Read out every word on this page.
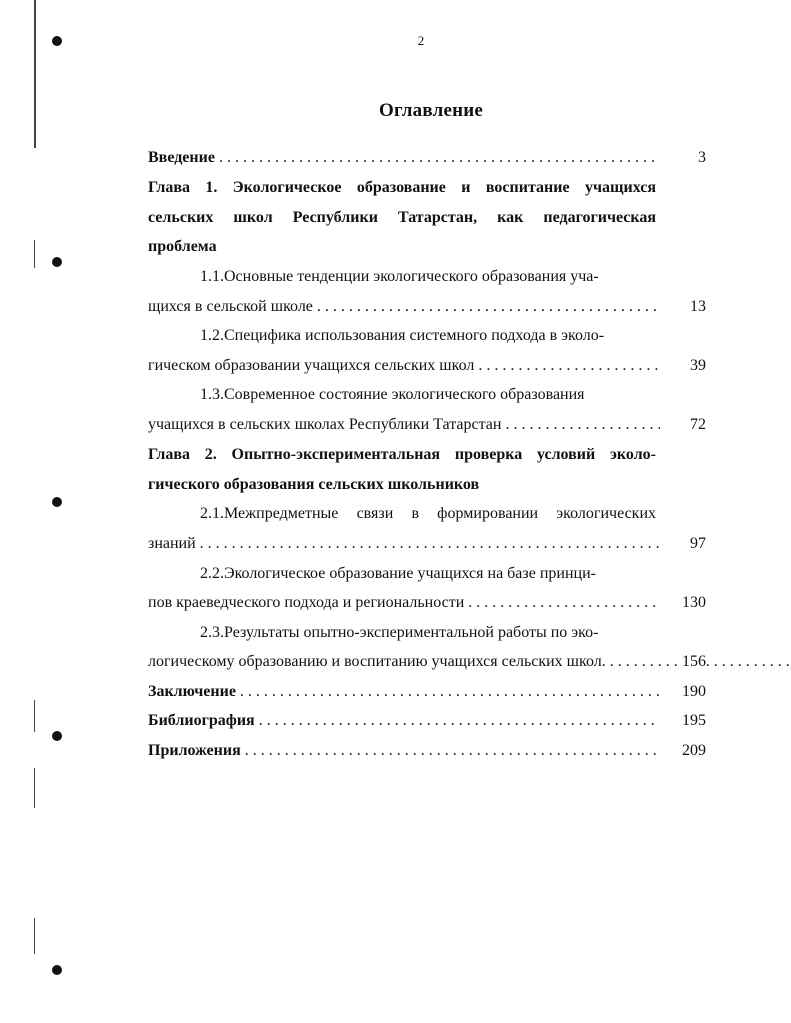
2
Оглавление
Введение . . .	3
Глава 1. Экологическое образование и воспитание учащихся
сельских школ Республики Татарстан, как педагогическая
проблема
1.1.Основные тенденции экологического образования уча-
щихся в сельской школе . . .	13
1.2.Специфика использования системного подхода в эколо-
гическом образовании учащихся сельских школ . . .	39
1.3.Современное состояние экологического образования
учащихся в сельских школах Республики Татарстан . . .	72
Глава 2. Опытно-экспериментальная проверка условий эколо-
гического образования сельских школьников
2.1.Межпредметные связи в формировании экологических
знаний . . .	97
2.2.Экологическое образование учащихся на базе принци-
пов краеведческого подхода и региональности . . .	130
2.3.Результаты опытно-экспериментальной работы по эко-
логическому образованию и воспитанию учащихся сельских школ. . . .	156
Заключение . . .	190
Библиография . . .	195
Приложения . . .	209
